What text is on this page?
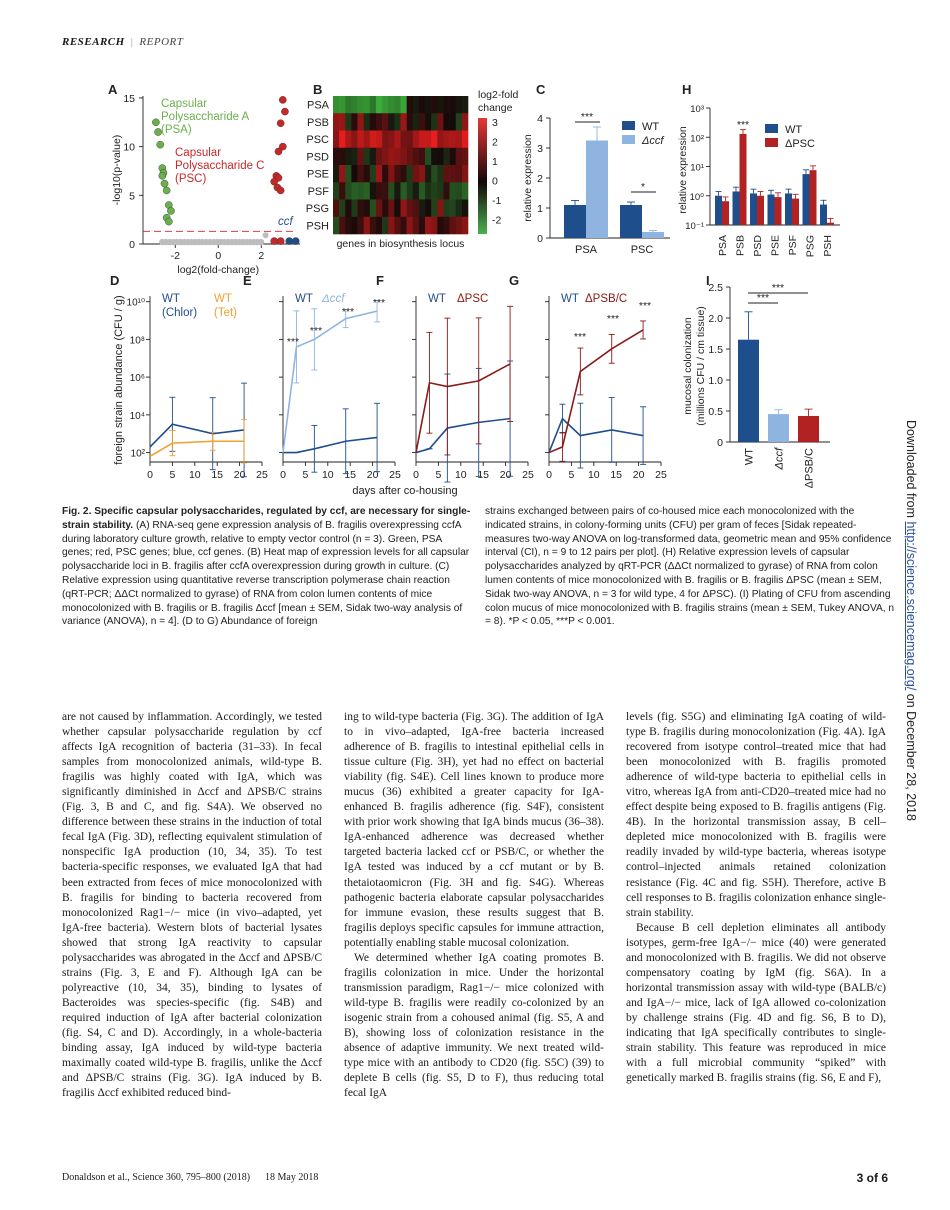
RESEARCH | REPORT
A
0
5
10
15
-2	0	2
log2(fold-change)
-log10(p-value)
Capsular
Polysaccharide A
(PSA)
Capsular
Polysaccharide C
(PSC)
ccf
B
PSA
PSB
PSC
PSD
PSE
PSF
PSG
PSH
genes in biosynthesis locus
log2-fold
change
3
2
1
0
-1
-2
C
0
1
2
3
4
relative expression
PSA	PSC
***
*
WT
Δccf
H
10⁻¹
10⁰
10¹
10²
10³
relative expression
PSA PSB PSD PSE PSF PSG PSH
***	WT
ΔPSC
D
10²
10⁴
10⁶
10⁸
10¹⁰
0 5 10 15 20 25
WT	WT
(Chlor) (Tet)
E
0 5 10 15 20 25
WT Δccf
***
***
***
***
F
0 5 10 15 20 25
WT ΔPSC
G
0 5 10 15 20 25
WT ΔPSB/C
***
***
***
days after co-housing
foreign strain abundance (CFU / g)
I
0
0.5
1.0
1.5
2.0
2.5
mucosal colonization (millions CFU / cm tissue)
WT Δccf ΔPSB/C
***
***
Fig. 2. Specific capsular polysaccharides, regulated by ccf, are necessary for single-strain stability. (A) RNA-seq gene expression analysis of B. fragilis overexpressing ccfA during laboratory culture growth, relative to empty vector control (n = 3). Green, PSA genes; red, PSC genes; blue, ccf genes. (B) Heat map of expression levels for all capsular polysaccharide loci in B. fragilis after ccfA overexpression during growth in culture. (C) Relative expression using quantitative reverse transcription polymerase chain reaction (qRT-PCR; ΔΔCt normalized to gyrase) of RNA from colon lumen contents of mice monocolonized with B. fragilis or B. fragilis Δccf [mean ± SEM, Sidak two-way analysis of variance (ANOVA), n = 4]. (D to G) Abundance of foreign
strains exchanged between pairs of co-housed mice each monocolonized with the indicated strains, in colony-forming units (CFU) per gram of feces [Sidak repeated-measures two-way ANOVA on log-transformed data, geometric mean and 95% confidence interval (CI), n = 9 to 12 pairs per plot]. (H) Relative expression levels of capsular polysaccharides analyzed by qRT-PCR (ΔΔCt normalized to gyrase) of RNA from colon lumen contents of mice monocolonized with B. fragilis or B. fragilis ΔPSC (mean ± SEM, Sidak two-way ANOVA, n = 3 for wild type, 4 for ΔPSC). (I) Plating of CFU from ascending colon mucus of mice monocolonized with B. fragilis strains (mean ± SEM, Tukey ANOVA, n = 8). *P < 0.05, ***P < 0.001.

are not caused by inflammation. Accordingly, we tested whether capsular polysaccharide regulation by ccf affects IgA recognition of bacteria (31–33). In fecal samples from monocolonized animals, wild-type B. fragilis was highly coated with IgA, which was significantly diminished in Δccf and ΔPSB/C strains (Fig. 3, B and C, and fig. S4A). We observed no difference between these strains in the induction of total fecal IgA (Fig. 3D), reflecting equivalent stimulation of nonspecific IgA production (10, 34, 35). To test bacteria-specific responses, we evaluated IgA that had been extracted from feces of mice monocolonized with B. fragilis for binding to bacteria recovered from monocolonized Rag1−/− mice (in vivo–adapted, yet IgA-free bacteria). Western blots of bacterial lysates showed that strong IgA reactivity to capsular polysaccharides was abrogated in the Δccf and ΔPSB/C strains (Fig. 3, E and F). Although IgA can be polyreactive (10, 34, 35), binding to lysates of Bacteroides was species-specific (fig. S4B) and required induction of IgA after bacterial colonization (fig. S4, C and D). Accordingly, in a whole-bacteria binding assay, IgA induced by wild-type bacteria maximally coated wild-type B. fragilis, unlike the Δccf and ΔPSB/C strains (Fig. 3G). IgA induced by B. fragilis Δccf exhibited reduced bind-

ing to wild-type bacteria (Fig. 3G). The addition of IgA to in vivo–adapted, IgA-free bacteria increased adherence of B. fragilis to intestinal epithelial cells in tissue culture (Fig. 3H), yet had no effect on bacterial viability (fig. S4E). Cell lines known to produce more mucus (36) exhibited a greater capacity for IgA-enhanced B. fragilis adherence (fig. S4F), consistent with prior work showing that IgA binds mucus (36–38). IgA-enhanced adherence was decreased whether targeted bacteria lacked ccf or PSB/C, or whether the IgA tested was induced by a ccf mutant or by B. thetaiotaomicron (Fig. 3H and fig. S4G). Whereas pathogenic bacteria elaborate capsular polysaccharides for immune evasion, these results suggest that B. fragilis deploys specific capsules for immune attraction, potentially enabling stable mucosal colonization.

We determined whether IgA coating promotes B. fragilis colonization in mice. Under the horizontal transmission paradigm, Rag1−/− mice colonized with wild-type B. fragilis were readily co-colonized by an isogenic strain from a cohoused animal (fig. S5, A and B), showing loss of colonization resistance in the absence of adaptive immunity. We next treated wild-type mice with an antibody to CD20 (fig. S5C) (39) to deplete B cells (fig. S5, D to F), thus reducing total fecal IgA

levels (fig. S5G) and eliminating IgA coating of wild-type B. fragilis during monocolonization (Fig. 4A). IgA recovered from isotype control–treated mice that had been monocolonized with B. fragilis promoted adherence of wild-type bacteria to epithelial cells in vitro, whereas IgA from anti-CD20–treated mice had no effect despite being exposed to B. fragilis antigens (Fig. 4B). In the horizontal transmission assay, B cell–depleted mice monocolonized with B. fragilis were readily invaded by wild-type bacteria, whereas isotype control–injected animals retained colonization resistance (Fig. 4C and fig. S5H). Therefore, active B cell responses to B. fragilis colonization enhance single-strain stability.

Because B cell depletion eliminates all antibody isotypes, germ-free IgA−/− mice (40) were generated and monocolonized with B. fragilis. We did not observe compensatory coating by IgM (fig. S6A). In a horizontal transmission assay with wild-type (BALB/c) and IgA−/− mice, lack of IgA allowed co-colonization by challenge strains (Fig. 4D and fig. S6, B to D), indicating that IgA specifically contributes to single-strain stability. This feature was reproduced in mice with a full microbial community “spiked” with genetically marked B. fragilis strains (fig. S6, E and F),

Donaldson et al., Science 360, 795–800 (2018) 18 May 2018	3 of 6
Downloaded from http://science.sciencemag.org/ on December 28, 2018
